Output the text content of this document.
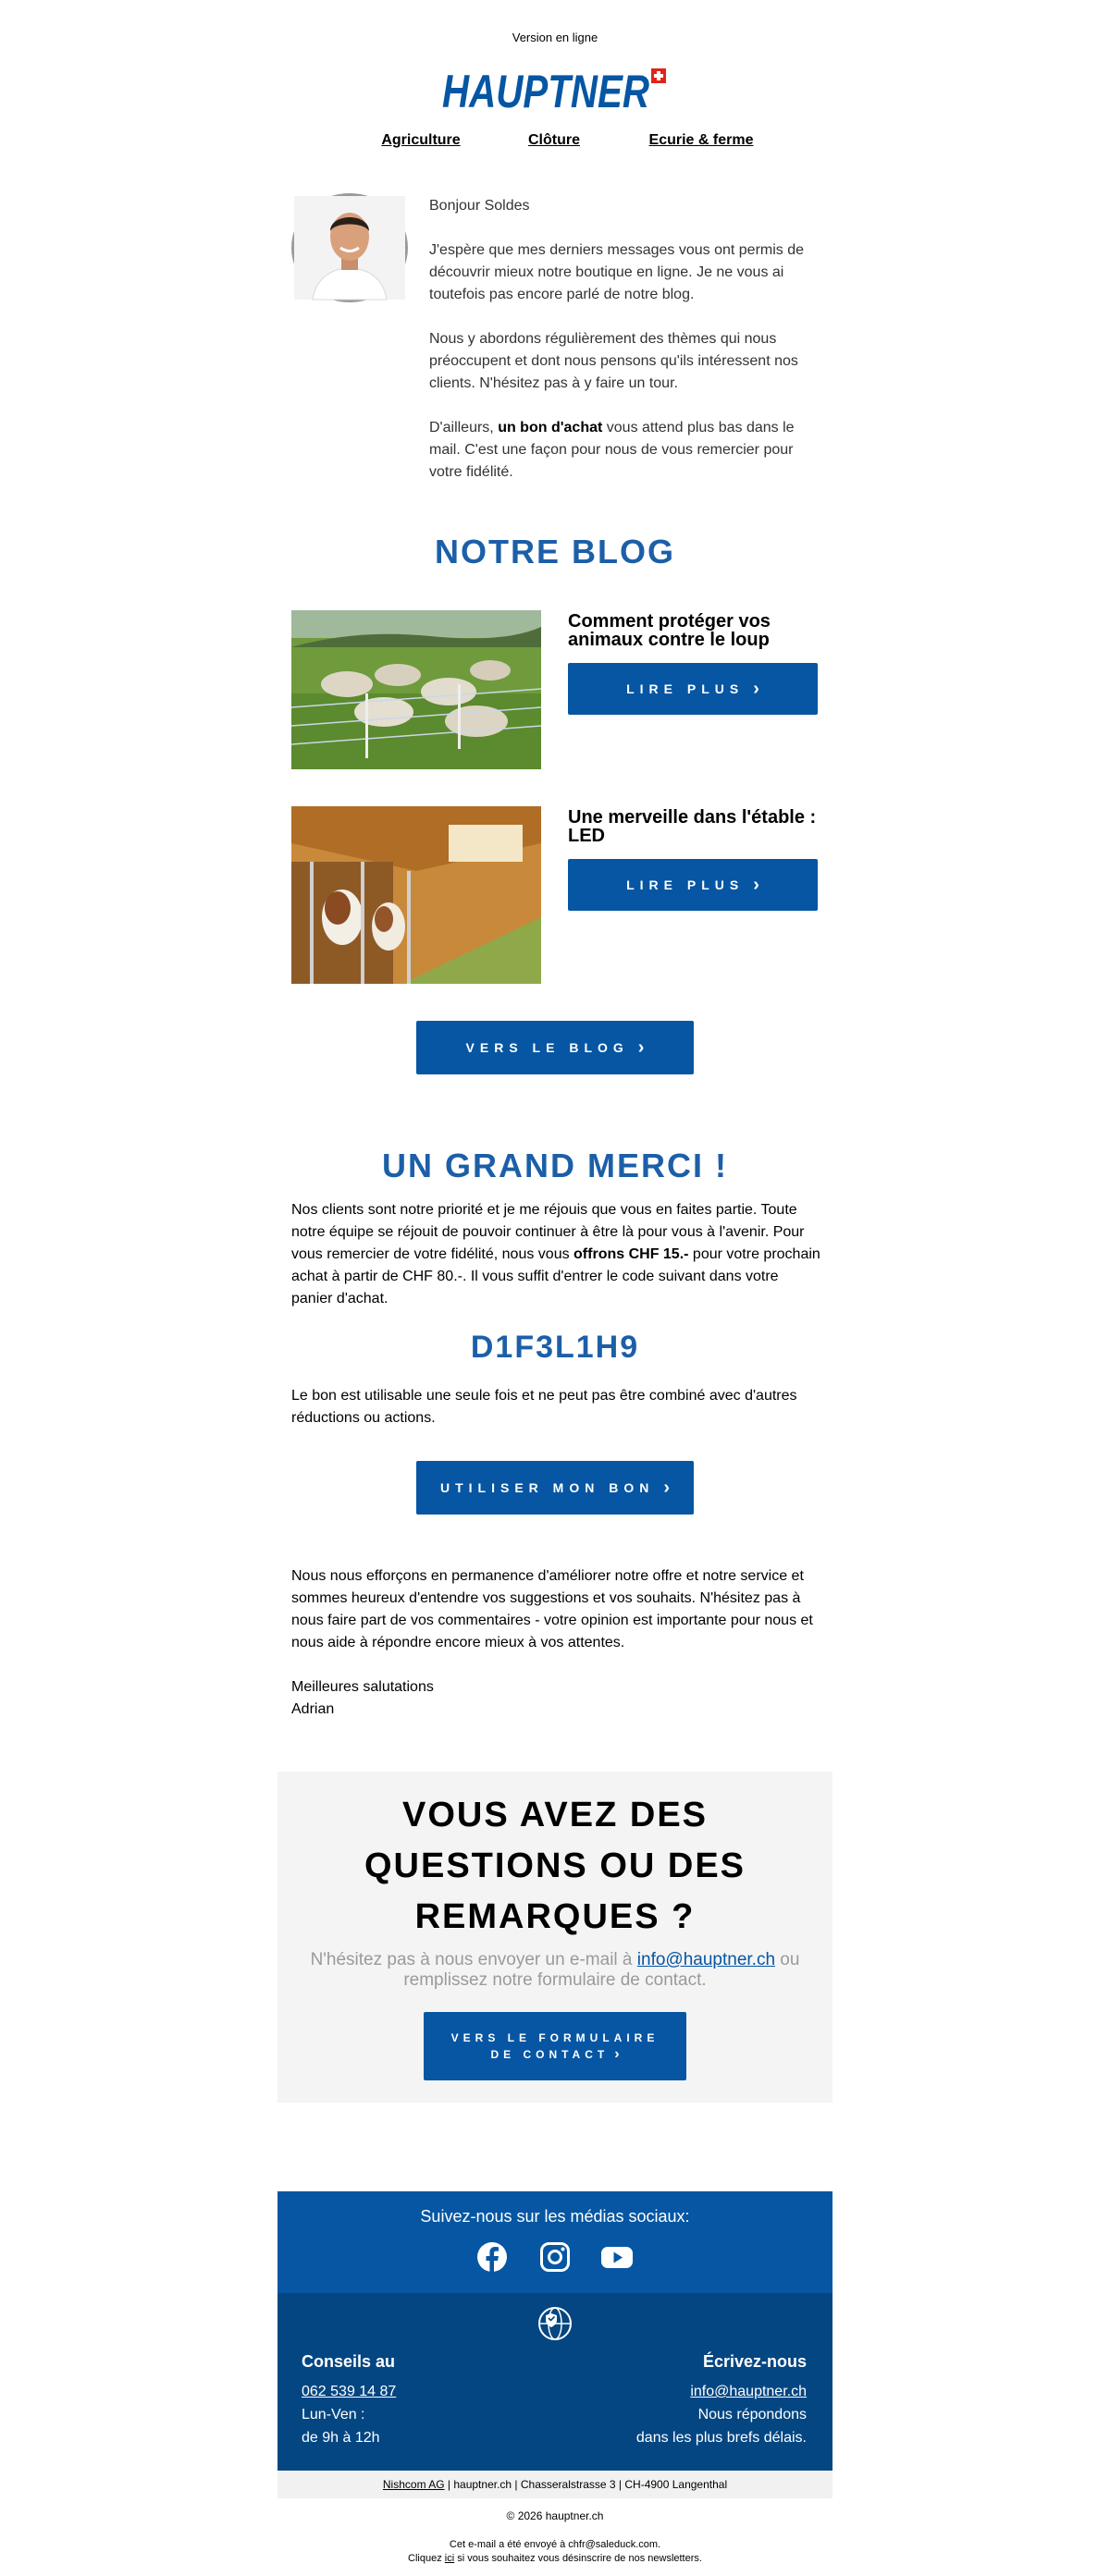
Version en ligne
HAUPTNER
Agriculture	Clôture	Ecurie & ferme

Bonjour Soldes

J'espère que mes derniers messages vous ont permis de découvrir mieux notre boutique en ligne. Je ne vous ai toutefois pas encore parlé de notre blog.

Nous y abordons régulièrement des thèmes qui nous préoccupent et dont nous pensons qu'ils intéressent nos clients. N'hésitez pas à y faire un tour.

D'ailleurs, un bon d'achat vous attend plus bas dans le mail. C'est une façon pour nous de vous remercier pour votre fidélité.

NOTRE BLOG
Comment protéger vos animaux contre le loup
LIRE PLUS ›
Une merveille dans l'étable : LED
LIRE PLUS ›
VERS LE BLOG ›
UN GRAND MERCI !
Nos clients sont notre priorité et je me réjouis que vous en faites partie. Toute notre équipe se réjouit de pouvoir continuer à être là pour vous à l'avenir. Pour vous remercier de votre fidélité, nous vous offrons CHF 15.- pour votre prochain achat à partir de CHF 80.-. Il vous suffit d'entrer le code suivant dans votre panier d'achat.
D1F3L1H9
Le bon est utilisable une seule fois et ne peut pas être combiné avec d'autres réductions ou actions.
UTILISER MON BON ›
Nous nous efforçons en permanence d'améliorer notre offre et notre service et sommes heureux d'entendre vos suggestions et vos souhaits. N'hésitez pas à nous faire part de vos commentaires - votre opinion est importante pour nous et nous aide à répondre encore mieux à vos attentes.
Meilleures salutations
Adrian
VOUS AVEZ DES QUESTIONS OU DES REMARQUES ?
N'hésitez pas à nous envoyer un e-mail à info@hauptner.ch ou remplissez notre formulaire de contact.
VERS LE FORMULAIRE DE CONTACT ›
Suivez-nous sur les médias sociaux:
Conseils au
062 539 14 87
Lun-Ven :
de 9h à 12h
Écrivez-nous
info@hauptner.ch
Nous répondons
dans les plus brefs délais.
Nishcom AG | hauptner.ch | Chasseralstrasse 3 | CH-4900 Langenthal
© 2026 hauptner.ch
Cet e-mail a été envoyé à chfr@saleduck.com.
Cliquez ici si vous souhaitez vous désinscrire de nos newsletters.
